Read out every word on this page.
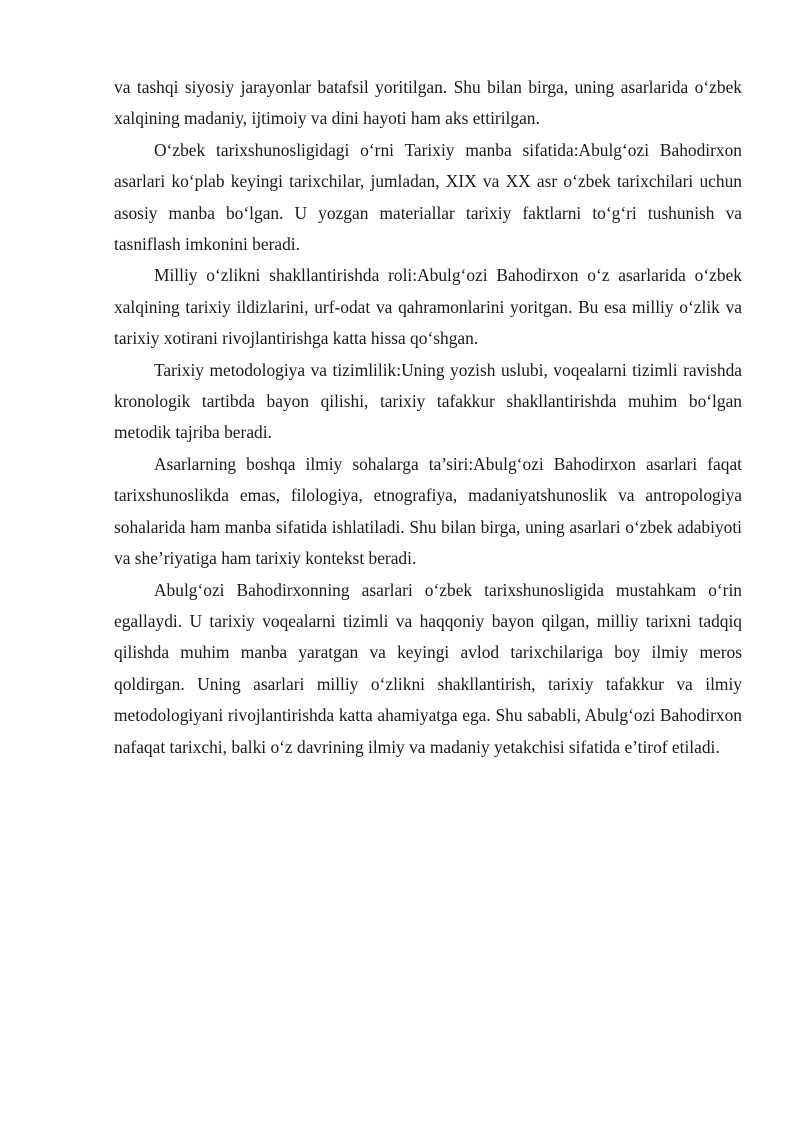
va tashqi siyosiy jarayonlar batafsil yoritilgan. Shu bilan birga, uning asarlarida o‘zbek xalqining madaniy, ijtimoiy va dini hayoti ham aks ettirilgan.

O‘zbek tarixshunosligidagi o‘rni Tarixiy manba sifatida:Abulg‘ozi Bahodirxon asarlari ko‘plab keyingi tarixchilar, jumladan, XIX va XX asr o‘zbek tarixchilari uchun asosiy manba bo‘lgan. U yozgan materiallar tarixiy faktlarni to‘g‘ri tushunish va tasniflash imkonini beradi.

Milliy o‘zlikni shakllantirishda roli:Abulg‘ozi Bahodirxon o‘z asarlarida o‘zbek xalqining tarixiy ildizlarini, urf-odat va qahramonlarini yoritgan. Bu esa milliy o‘zlik va tarixiy xotirani rivojlantirishga katta hissa qo‘shgan.

Tarixiy metodologiya va tizimlilik:Uning yozish uslubi, voqealarni tizimli ravishda kronologik tartibda bayon qilishi, tarixiy tafakkur shakllantirishda muhim bo‘lgan metodik tajriba beradi.

Asarlarning boshqa ilmiy sohalarga ta’siri:Abulg‘ozi Bahodirxon asarlari faqat tarixshunoslikda emas, filologiya, etnografiya, madaniyatshunoslik va antropologiya sohalarida ham manba sifatida ishlatiladi. Shu bilan birga, uning asarlari o‘zbek adabiyoti va she’riyatiga ham tarixiy kontekst beradi.

Abulg‘ozi Bahodirxonning asarlari o‘zbek tarixshunosligida mustahkam o‘rin egallaydi. U tarixiy voqealarni tizimli va haqqoniy bayon qilgan, milliy tarixni tadqiq qilishda muhim manba yaratgan va keyingi avlod tarixchilariga boy ilmiy meros qoldirgan. Uning asarlari milliy o‘zlikni shakllantirish, tarixiy tafakkur va ilmiy metodologiyani rivojlantirishda katta ahamiyatga ega. Shu sababli, Abulg‘ozi Bahodirxon nafaqat tarixchi, balki o‘z davrining ilmiy va madaniy yetakchisi sifatida e’tirof etiladi.
